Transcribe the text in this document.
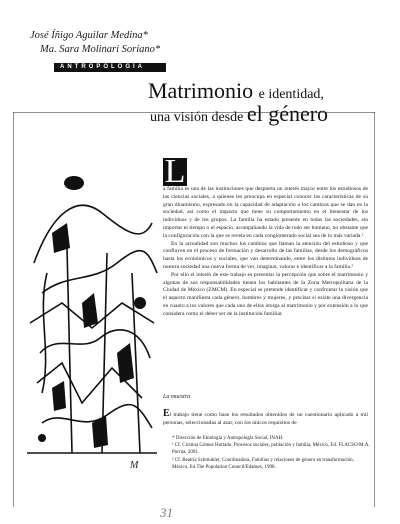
José Íñigo Aguilar Medina*
Ma. Sara Molinari Soriano*
ANTROPOLOGÍA
Matrimonio e identidad,
una visión desde el género
M
L

a familia es una de las instituciones que despierta un interés mayor entre los estudiosos de las ciencias sociales, a quienes les preocupa en especial conocer las características de su gran dinamismo, expresado en la capacidad de adaptación a los cambios que se dan en la sociedad, así como el impacto que tiene su comportamiento en el bienestar de los individuos y de los grupos. La familia ha estado presente en todas las sociedades, sin importar el tiempo o el espacio, acompañando la vida de todo ser humano, no obstante que la configuración con la que se revela en cada conglomerado social sea de lo más variada.¹

En la actualidad son muchos los cambios que llaman la atención del estudioso y que confluyen en el proceso de formación y desarrollo de las familias, desde los demográficos hasta los económicos y sociales, que van determinando, entre los distintos individuos de nuestra sociedad una nueva forma de ver, imaginar, valorar e identificar a la familia.²

Por ello el interés de este trabajo es presentar la percepción que sobre el matrimonio y algunas de sus responsabilidades tienen los habitantes de la Zona Metropolitana de la Ciudad de México (ZMCM). En especial se pretende identificar y confrontar la visión que el aspecto manifiesta cada género, hombres y mujeres, y precisar si existe una divergencia en cuanto a los valores que cada uno de ellos otorga al matrimonio y por extensión a lo que considera como el deber ser de la institución familiar.

La muestra
El trabajo tiene como base los resultados obtenidos de un cuestionario aplicado a mil personas, seleccionadas al azar, con los únicos requisitos de
* Dirección de Etnología y Antropología Social, INAH.
¹ Cf. Cristina Gómez Hurtado, Procesos sociales, población y familia, México, Ed. FLACSO/M.A. Porrúa, 2001.
² Cf. Beatriz Schmukler, Coordinadora, Familias y relaciones de género en transformación, México, Ed The Population Council/Edamex, 1998.
31
